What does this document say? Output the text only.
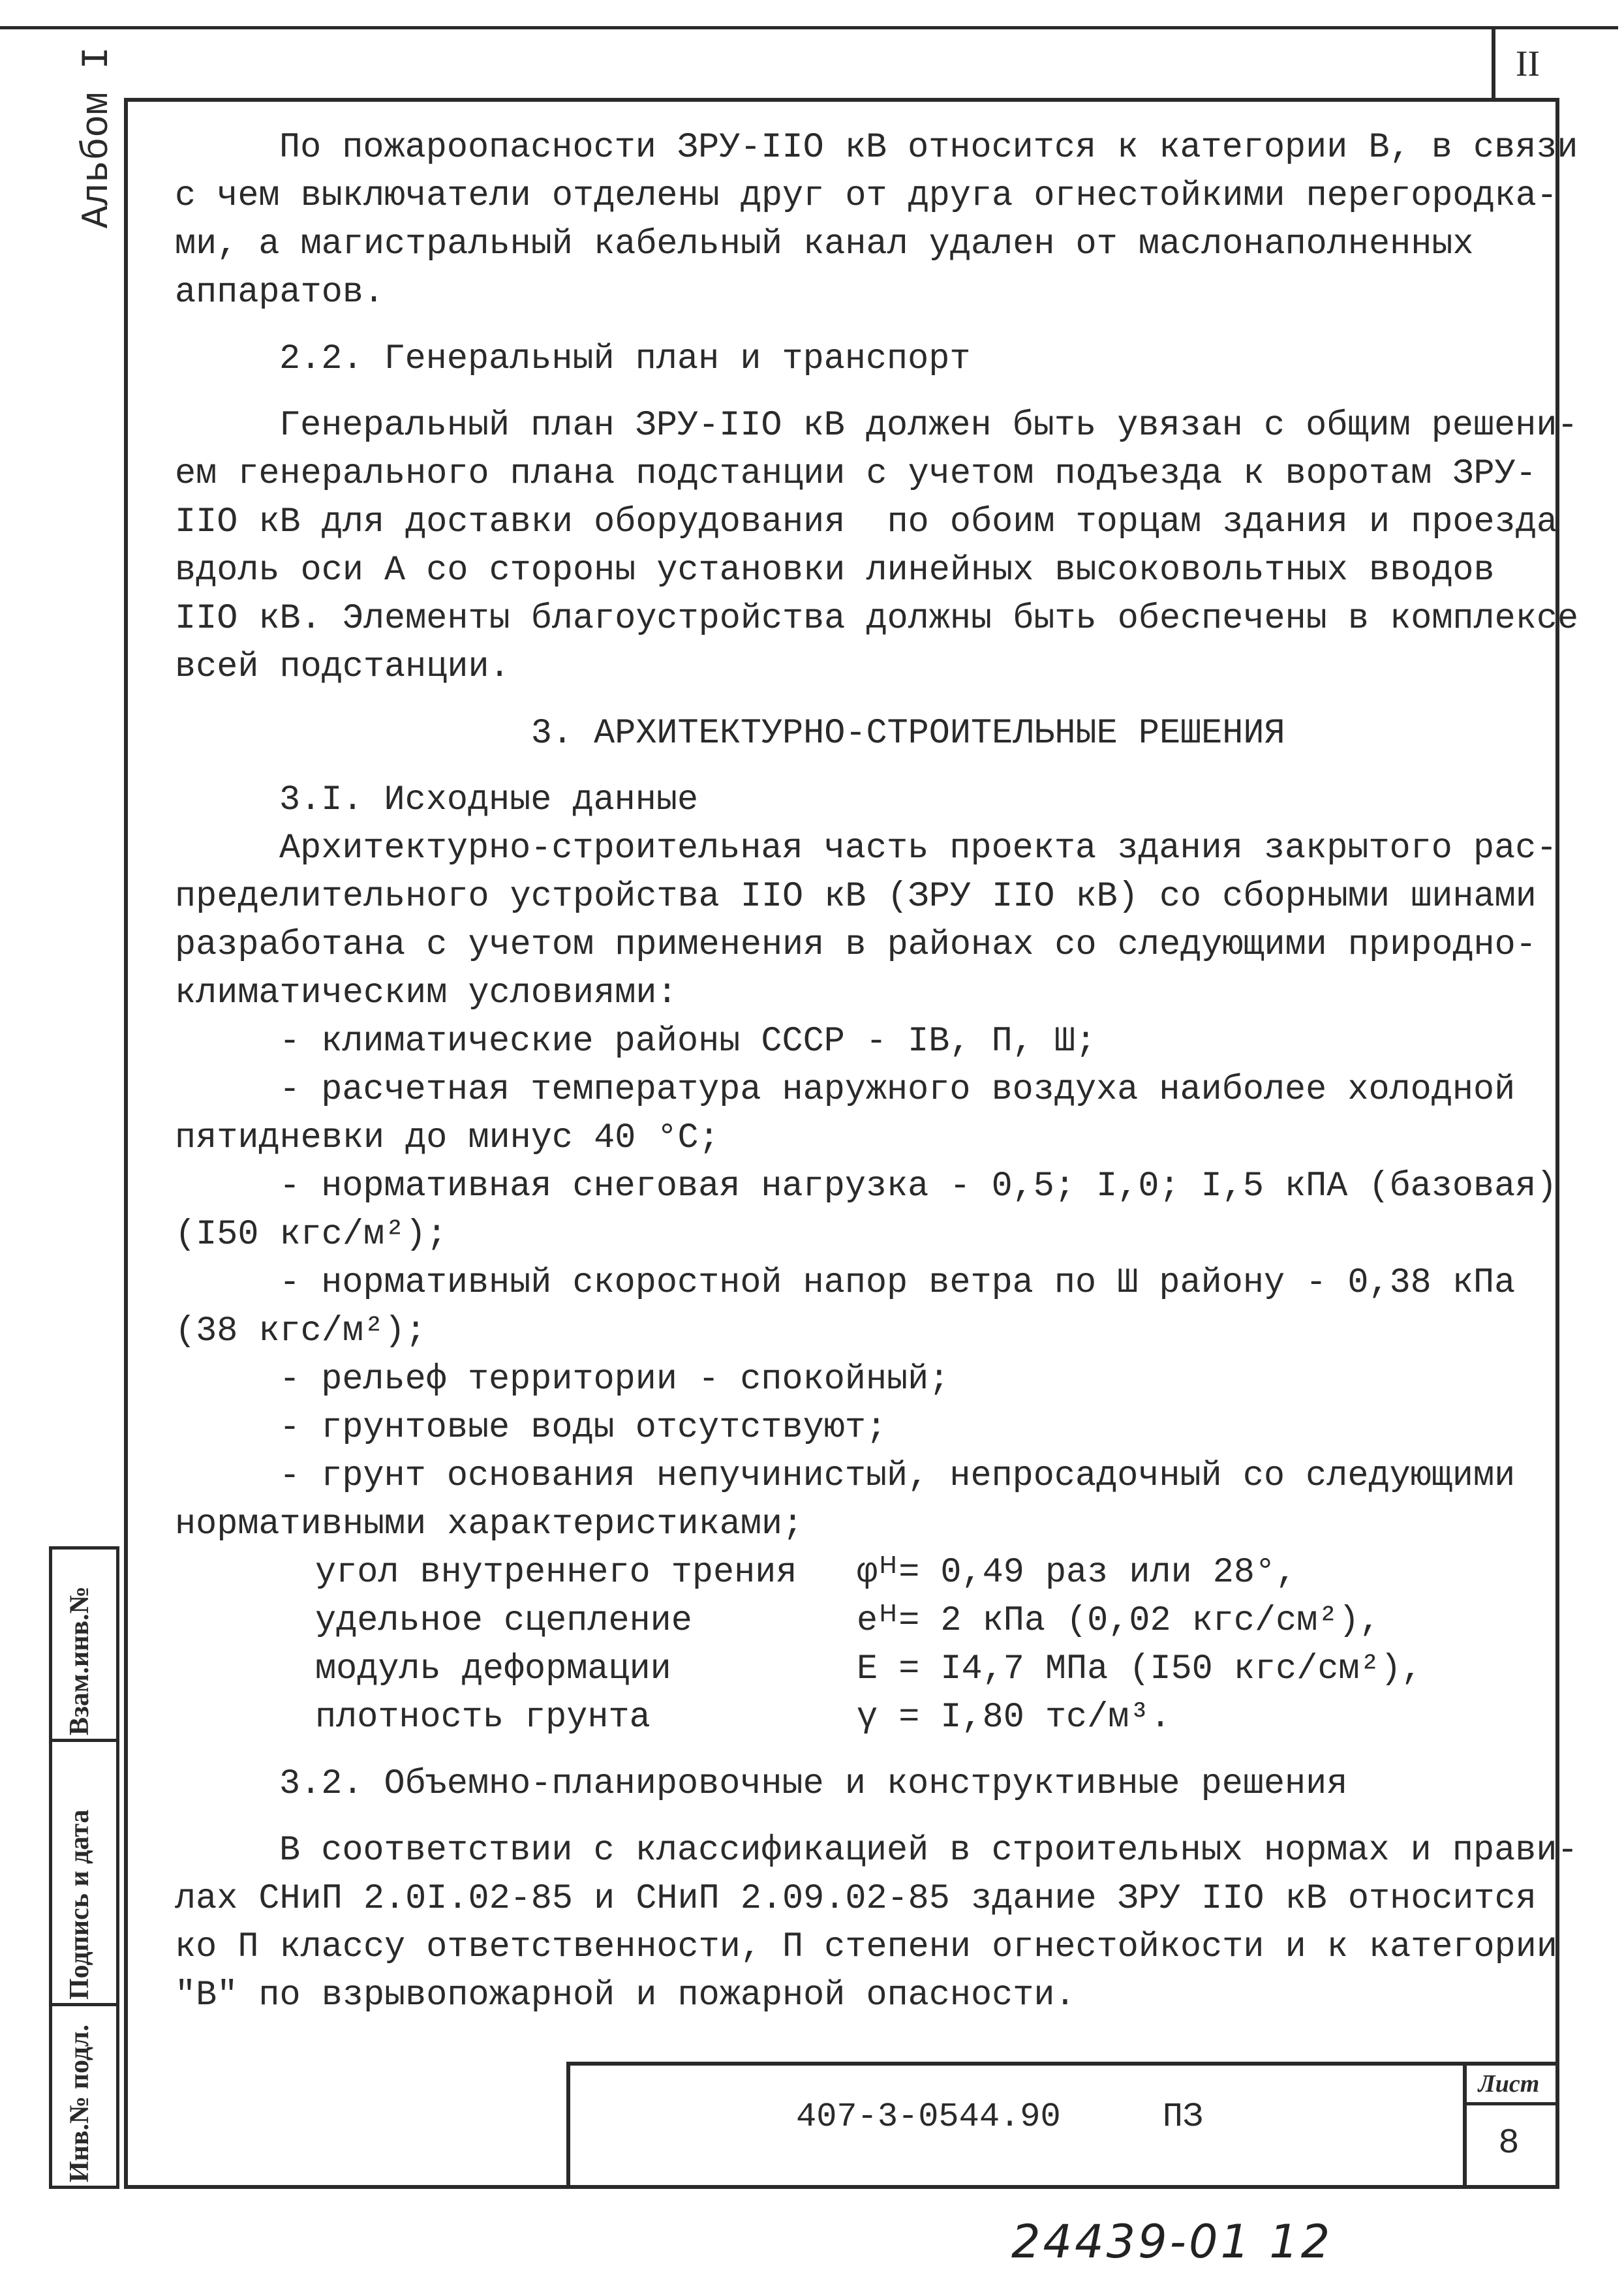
II
Альбом I	По пожароопасности ЗРУ-IIО кВ относится к категории В, в связи

с чем выключатели отделены друг от друга огнестойкими перегородка-

ми, а магистральный кабельный канал удален от маслонаполненных

аппаратов.

2.2. Генеральный план и транспорт

Генеральный план ЗРУ-IIО кВ должен быть увязан с общим решени-

ем генерального плана подстанции с учетом подъезда к воротам ЗРУ-

IIО кВ для доставки оборудования  по обоим торцам здания и проезда

вдоль оси А со стороны установки линейных высоковольтных вводов

IIО кВ. Элементы благоустройства должны быть обеспечены в комплексе

всей подстанции.

3. АРХИТЕКТУРНО-СТРОИТЕЛЬНЫЕ РЕШЕНИЯ

3.I. Исходные данные

Архитектурно-строительная часть проекта здания закрытого рас-

пределительного устройства IIО кВ (ЗРУ IIО кВ) со сборными шинами

разработана с учетом применения в районах со следующими природно-

климатическим условиями:

- климатические районы СССР - IВ, П, Ш;

- расчетная температура наружного воздуха наиболее холодной

пятидневки до минус 40 °С;

- нормативная снеговая нагрузка - 0,5; I,0; I,5 кПА (базовая)

(I50 кгс/м²);

- нормативный скоростной напор ветра по Ш району - 0,38 кПа

(38 кгс/м²);

- рельеф территории - спокойный;

- грунтовые воды отсутствуют;

- грунт основания непучинистый, непросадочный со следующими

нормативными характеристиками;

угол внутреннего трения	φᴴ= 0,49 раз или 28°,
удельное сцепление	еᴴ= 2 кПа (0,02 кгс/см²),
модуль деформации	Е = I4,7 МПа (I50 кгс/см²),
плотность грунта	γ = I,80 тс/м³.

3.2. Объемно-планировочные и конструктивные решения

В соответствии с классификацией в строительных нормах и прави-

лах СНиП 2.0I.02-85 и СНиП 2.09.02-85 здание ЗРУ IIО кВ относится

ко П классу ответственности, П степени огнестойкости и к категории

"В" по взрывопожарной и пожарной опасности.

Взам.инв.№
Подпись и дата
Инв.№ подл.	407-3-0544.90     ПЗ
Лист
8
24439-01 12
